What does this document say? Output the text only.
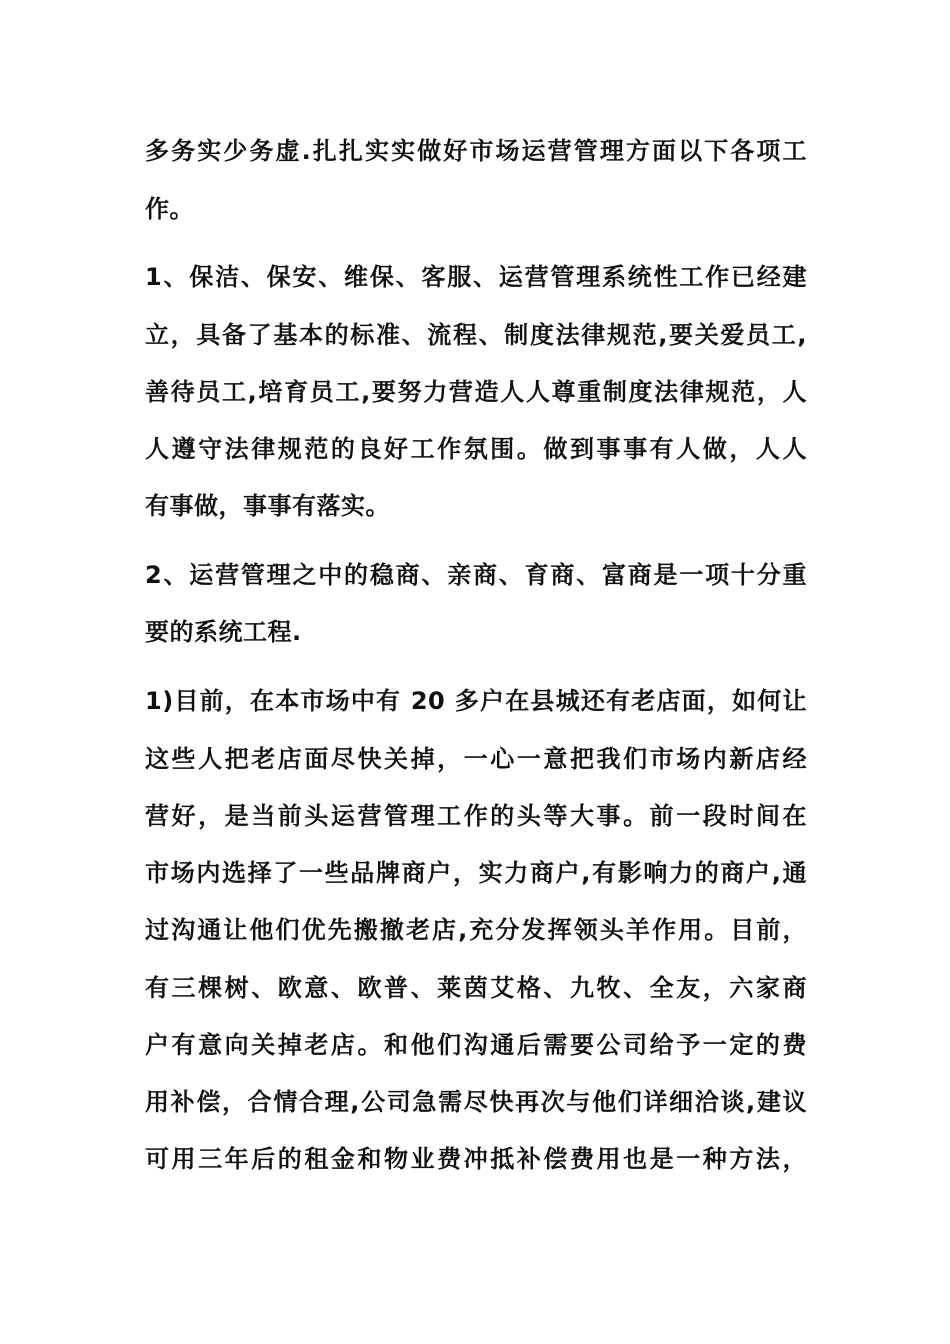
多务实少务虚.扎扎实实做好市场运营管理方面以下各项工
作。
1、保洁、保安、维保、客服、运营管理系统性工作已经建
立，具备了基本的标准、流程、制度法律规范,要关爱员工,
善待员工,培育员工,要努力营造人人尊重制度法律规范，人
人遵守法律规范的良好工作氛围。做到事事有人做，人人
有事做，事事有落实。
2、运营管理之中的稳商、亲商、育商、富商是一项十分重
要的系统工程.
1)目前，在本市场中有 20 多户在县城还有老店面，如何让
这些人把老店面尽快关掉，一心一意把我们市场内新店经
营好，是当前头运营管理工作的头等大事。前一段时间在
市场内选择了一些品牌商户，实力商户,有影响力的商户,通
过沟通让他们优先搬撤老店,充分发挥领头羊作用。目前，
有三棵树、欧意、欧普、莱茵艾格、九牧、全友，六家商
户有意向关掉老店。和他们沟通后需要公司给予一定的费
用补偿，合情合理,公司急需尽快再次与他们详细洽谈,建议
可用三年后的租金和物业费冲抵补偿费用也是一种方法，
